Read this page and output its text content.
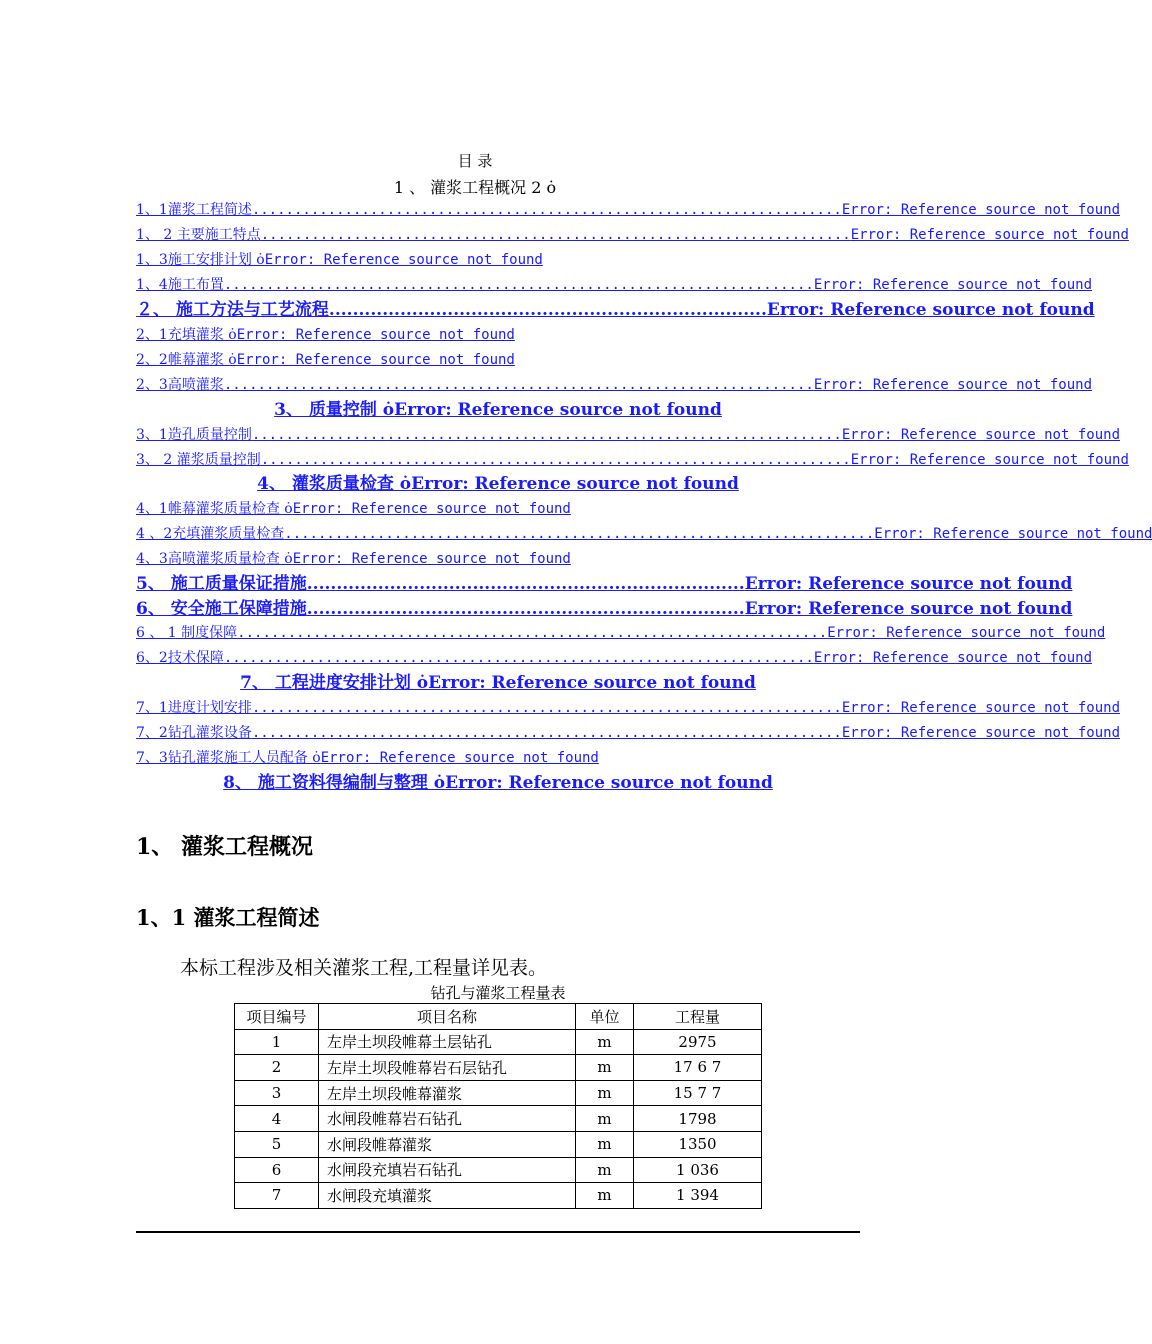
目 录
1 、 灌浆工程概况 2 ȯ
1、1灌浆工程简述 ...................................................................... Error: Reference source not found
1、 2 主要施工特点 ...................................................................... Error: Reference source not found
1、3施工安排计划 ȯError: Reference source not found
1、4施工布置 ...................................................................... Error: Reference source not found
２、 施工方法与工艺流程 .......................................................................... Error: Reference source not found
2、1充填灌浆 ȯError: Reference source not found
2、2帷幕灌浆 ȯError: Reference source not found
2、3高喷灌浆 ...................................................................... Error: Reference source not found
3、 质量控制 ȯError: Reference source not found
3、1造孔质量控制 ...................................................................... Error: Reference source not found
3、 2 灌浆质量控制 ...................................................................... Error: Reference source not found
4、 灌浆质量检查 ȯError: Reference source not found
4、1帷幕灌浆质量检查 ȯError: Reference source not found
4 、2充填灌浆质量检查 ...................................................................... Error: Reference source not found
4、3高喷灌浆质量检查 ȯError: Reference source not found
5、 施工质量保证措施 .......................................................................... Error: Reference source not found
6、 安全施工保障措施 .......................................................................... Error: Reference source not found
6 、 1 制度保障 ...................................................................... Error: Reference source not found
6、2技术保障 ...................................................................... Error: Reference source not found
7、 工程进度安排计划 ȯError: Reference source not found
7、1进度计划安排 ...................................................................... Error: Reference source not found
7、2钻孔灌浆设备 ...................................................................... Error: Reference source not found
7、3钻孔灌浆施工人员配备 ȯError: Reference source not found
8、 施工资料得编制与整理 ȯError: Reference source not found
1、 灌浆工程概况
1、1 灌浆工程简述
本标工程涉及相关灌浆工程,工程量详见表。
钻孔与灌浆工程量表
项目编号	项目名称	单位	工程量
1	左岸土坝段帷幕土层钻孔	m	2975
2	左岸土坝段帷幕岩石层钻孔	m	17 6 7
3	左岸土坝段帷幕灌浆	m	15 7 7
4	水闸段帷幕岩石钻孔	m	1798
5	水闸段帷幕灌浆	m	1350
6	水闸段充填岩石钻孔	m	1 036
7	水闸段充填灌浆	m	1 394
